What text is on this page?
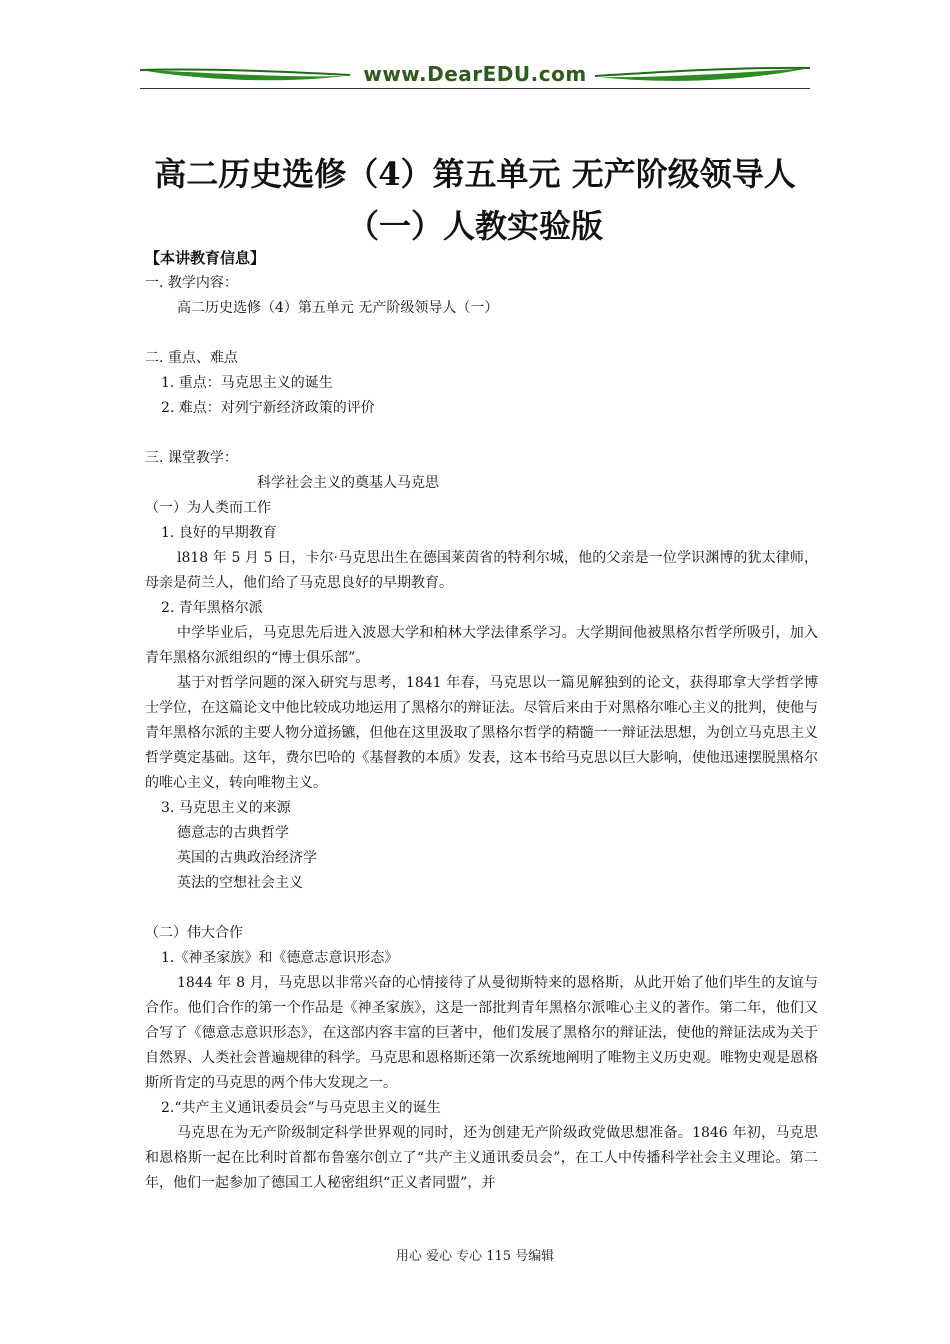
www.DearEDU.com
高二历史选修（4）第五单元 无产阶级领导人（一）人教实验版

【本讲教育信息】

一. 教学内容：

高二历史选修（4）第五单元 无产阶级领导人（一）

二. 重点、难点

1. 重点：马克思主义的诞生

2. 难点：对列宁新经济政策的评价

三. 课堂教学：

科学社会主义的奠基人马克思

（一）为人类而工作

1. 良好的早期教育

l818 年 5 月 5 日，卡尔·马克思出生在德国莱茵省的特利尔城，他的父亲是一位学识渊博的犹太律师，母亲是荷兰人，他们给了马克思良好的早期教育。

2. 青年黑格尔派

中学毕业后，马克思先后进入波恩大学和柏林大学法律系学习。大学期间他被黑格尔哲学所吸引，加入青年黑格尔派组织的“博士俱乐部”。

基于对哲学问题的深入研究与思考，1841 年春，马克思以一篇见解独到的论文，获得耶拿大学哲学博士学位，在这篇论文中他比较成功地运用了黑格尔的辩证法。尽管后来由于对黑格尔唯心主义的批判，使他与青年黑格尔派的主要人物分道扬镳，但他在这里汲取了黑格尔哲学的精髓一一辩证法思想，为创立马克思主义哲学奠定基础。这年，费尔巴哈的《基督教的本质》发表，这本书给马克思以巨大影响，使他迅速摆脱黑格尔的唯心主义，转向唯物主义。

3. 马克思主义的来源

德意志的古典哲学

英国的古典政治经济学

英法的空想社会主义

（二）伟大合作

1.《神圣家族》和《德意志意识形态》

1844 年 8 月，马克思以非常兴奋的心情接待了从曼彻斯特来的恩格斯，从此开始了他们毕生的友谊与合作。他们合作的第一个作品是《神圣家族》，这是一部批判青年黑格尔派唯心主义的著作。第二年，他们又合写了《德意志意识形态》，在这部内容丰富的巨著中，他们发展了黑格尔的辩证法，使他的辩证法成为关于自然界、人类社会普遍规律的科学。马克思和恩格斯还第一次系统地阐明了唯物主义历史观。唯物史观是恩格斯所肯定的马克思的两个伟大发现之一。

2.“共产主义通讯委员会”与马克思主义的诞生

马克思在为无产阶级制定科学世界观的同时，还为创建无产阶级政党做思想准备。1846 年初，马克思和恩格斯一起在比利时首都布鲁塞尔创立了“共产主义通讯委员会”，在工人中传播科学社会主义理论。第二年，他们一起参加了德国工人秘密组织“正义者同盟”，并

用心 爱心 专心 115 号编辑
